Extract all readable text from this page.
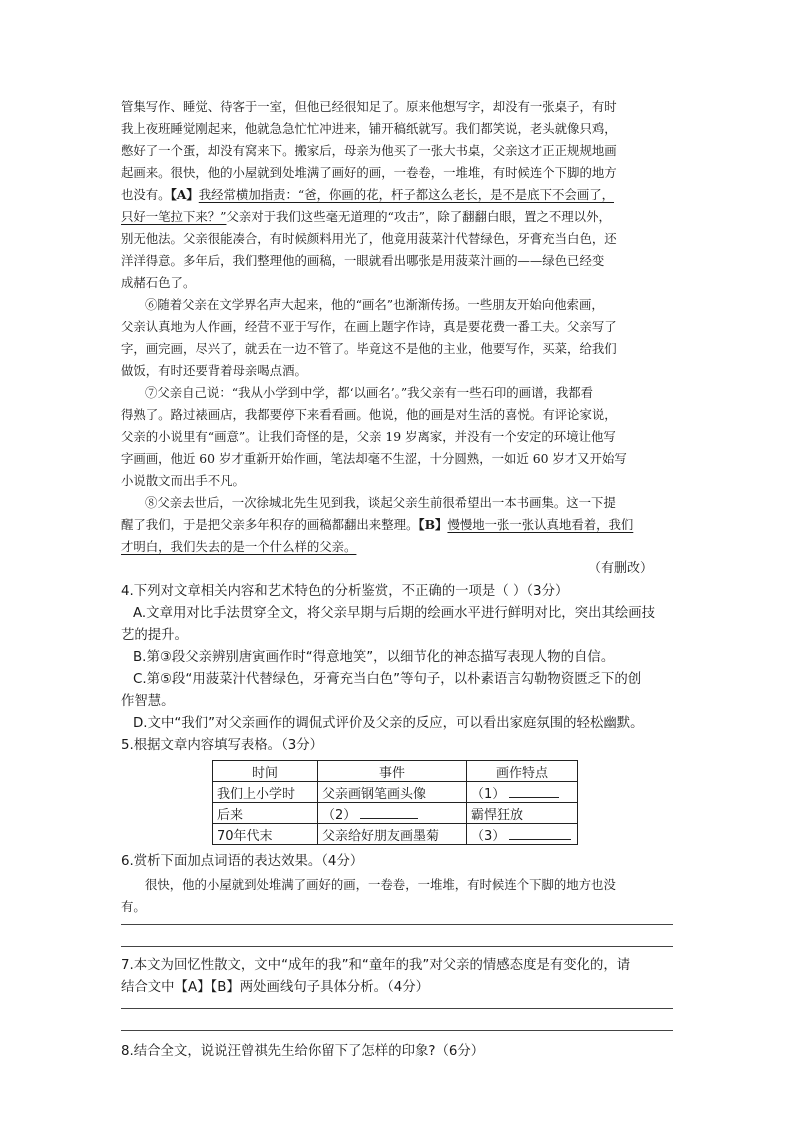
管集写作、睡觉、待客于一室，但他已经很知足了。原来他想写字，却没有一张桌子，有时
我上夜班睡觉刚起来，他就急急忙忙冲进来，铺开稿纸就写。我们都笑说，老头就像只鸡，
憋好了一个蛋，却没有窝来下。搬家后，母亲为他买了一张大书桌，父亲这才正正规规地画
起画来。很快，他的小屋就到处堆满了画好的画，一卷卷，一堆堆，有时候连个下脚的地方
也没有。【A】我经常横加指责：“爸，你画的花，杆子都这么老长，是不是底下不会画了，
只好一笔拉下来？”父亲对于我们这些毫无道理的“攻击”，除了翻翻白眼，置之不理以外，
别无他法。父亲很能凑合，有时候颜料用光了，他竟用菠菜汁代替绿色，牙膏充当白色，还
洋洋得意。多年后，我们整理他的画稿，一眼就看出哪张是用菠菜汁画的——绿色已经变
成赭石色了。
⑥随着父亲在文学界名声大起来，他的“画名”也渐渐传扬。一些朋友开始向他索画，
父亲认真地为人作画，经营不亚于写作，在画上题字作诗，真是要花费一番工夫。父亲写了
字，画完画，尽兴了，就丢在一边不管了。毕竟这不是他的主业，他要写作，买菜，给我们
做饭，有时还要背着母亲喝点酒。
⑦父亲自己说：“我从小学到中学，都‘以画名’。”我父亲有一些石印的画谱，我都看
得熟了。路过裱画店，我都要停下来看看画。他说，他的画是对生活的喜悦。有评论家说，
父亲的小说里有“画意”。让我们奇怪的是，父亲 19 岁离家，并没有一个安定的环境让他写
字画画，他近 60 岁才重新开始作画，笔法却毫不生涩，十分圆熟，一如近 60 岁才又开始写
小说散文而出手不凡。
⑧父亲去世后，一次徐城北先生见到我，谈起父亲生前很希望出一本书画集。这一下提
醒了我们，于是把父亲多年积存的画稿都翻出来整理。【B】慢慢地一张一张认真地看着，我们
才明白，我们失去的是一个什么样的父亲。
（有删改）
4.下列对文章相关内容和艺术特色的分析鉴赏，不正确的一项是（ ）（3分）
A.文章用对比手法贯穿全文，将父亲早期与后期的绘画水平进行鲜明对比，突出其绘画技
艺的提升。
B.第③段父亲辨别唐寅画作时“得意地笑”，以细节化的神态描写表现人物的自信。
C.第⑤段“用菠菜汁代替绿色，牙膏充当白色”等句子，以朴素语言勾勒物资匮乏下的创
作智慧。
D.文中“我们”对父亲画作的调侃式评价及父亲的反应，可以看出家庭氛围的轻松幽默。
5.根据文章内容填写表格。（3分）
时间	事件	画作特点
我们上小学时	父亲画钢笔画头像	（1）
后来	（2）	霸悍狂放
70年代末	父亲给好朋友画墨菊	（3）
6.赏析下面加点词语的表达效果。（4分）
很快，他的小屋就到处堆满了画好的画，一卷卷，一堆堆，有时候连个下脚的地方也没
有。
7.本文为回忆性散文，文中“成年的我”和“童年的我”对父亲的情感态度是有变化的，请
结合文中【A】【B】两处画线句子具体分析。（4分）
8.结合全文，说说汪曾祺先生给你留下了怎样的印象?（6分）
